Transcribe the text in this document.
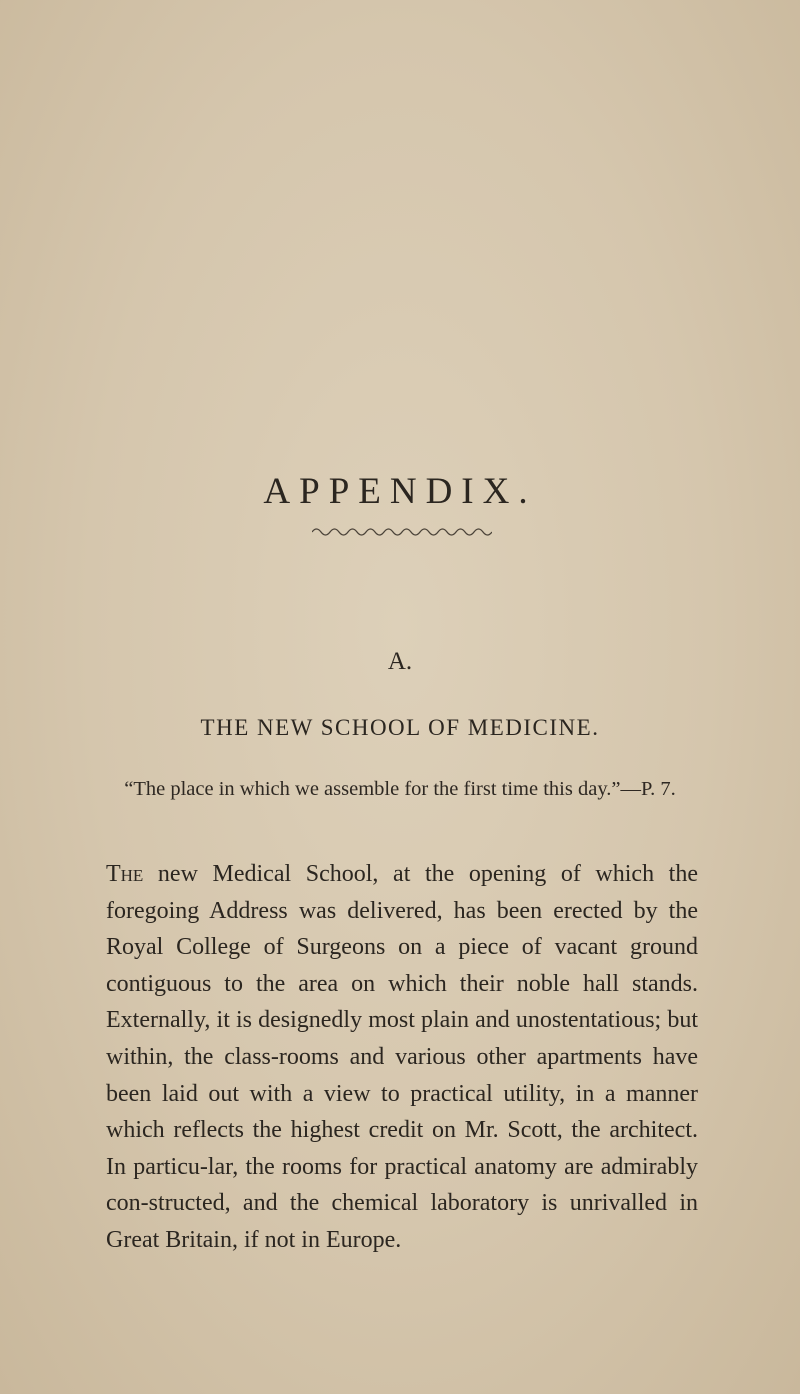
APPENDIX.
A.
THE NEW SCHOOL OF MEDICINE.
“The place in which we assemble for the first time this day.”—P. 7.

The new Medical School, at the opening of which the foregoing Address was delivered, has been erected by the Royal College of Surgeons on a piece of vacant ground contiguous to the area on which their noble hall stands. Externally, it is designedly most plain and unostentatious; but within, the class-rooms and various other apartments have been laid out with a view to practical utility, in a manner which reflects the highest credit on Mr. Scott, the architect. In particu-lar, the rooms for practical anatomy are admirably con-structed, and the chemical laboratory is unrivalled in Great Britain, if not in Europe.
